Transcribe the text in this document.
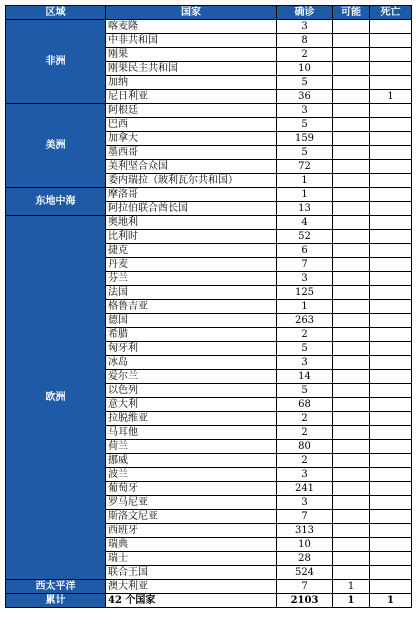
区域	国家	确诊	可能	死亡
非洲	喀麦隆	3		
	中非共和国	8		
	刚果	2		
	刚果民主共和国	10		
	加纳	5		
	尼日利亚	36		1
美洲	阿根廷	3		
	巴西	5		
	加拿大	159		
	墨西哥	5		
	美利坚合众国	72		
	委内瑞拉（玻利瓦尔共和国）	1		
东地中海	摩洛哥	1		
	阿拉伯联合酋长国	13		
欧洲	奥地利	4		
	比利时	52		
	捷克	6		
	丹麦	7		
	芬兰	3		
	法国	125		
	格鲁吉亚	1		
	德国	263		
	希腊	2		
	匈牙利	5		
	冰岛	3		
	爱尔兰	14		
	以色列	5		
	意大利	68		
	拉脱维亚	2		
	马耳他	2		
	荷兰	80		
	挪威	2		
	波兰	3		
	葡萄牙	241		
	罗马尼亚	3		
	斯洛文尼亚	7		
	西班牙	313		
	瑞典	10		
	瑞士	28		
	联合王国	524		
西太平洋	澳大利亚	7	1	
累计	42 个国家	2103	1	1
